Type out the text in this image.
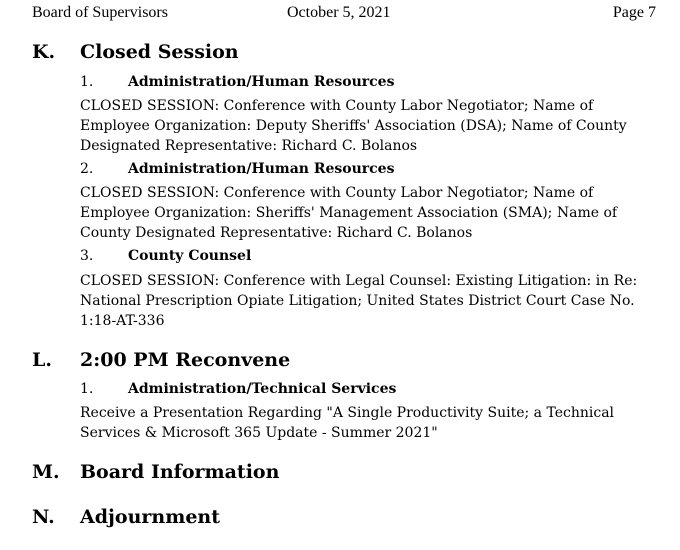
Board of Supervisors	October 5, 2021	Page 7
K. Closed Session
1. Administration/Human Resources
CLOSED SESSION: Conference with County Labor Negotiator; Name of Employee Organization: Deputy Sheriffs' Association (DSA); Name of County Designated Representative: Richard C. Bolanos
2. Administration/Human Resources
CLOSED SESSION: Conference with County Labor Negotiator; Name of Employee Organization: Sheriffs' Management Association (SMA); Name of County Designated Representative: Richard C. Bolanos
3. County Counsel
CLOSED SESSION: Conference with Legal Counsel: Existing Litigation: in Re: National Prescription Opiate Litigation; United States District Court Case No. 1:18-AT-336
L. 2:00 PM Reconvene
1. Administration/Technical Services
Receive a Presentation Regarding "A Single Productivity Suite; a Technical Services & Microsoft 365 Update - Summer 2021"
M. Board Information
N. Adjournment
